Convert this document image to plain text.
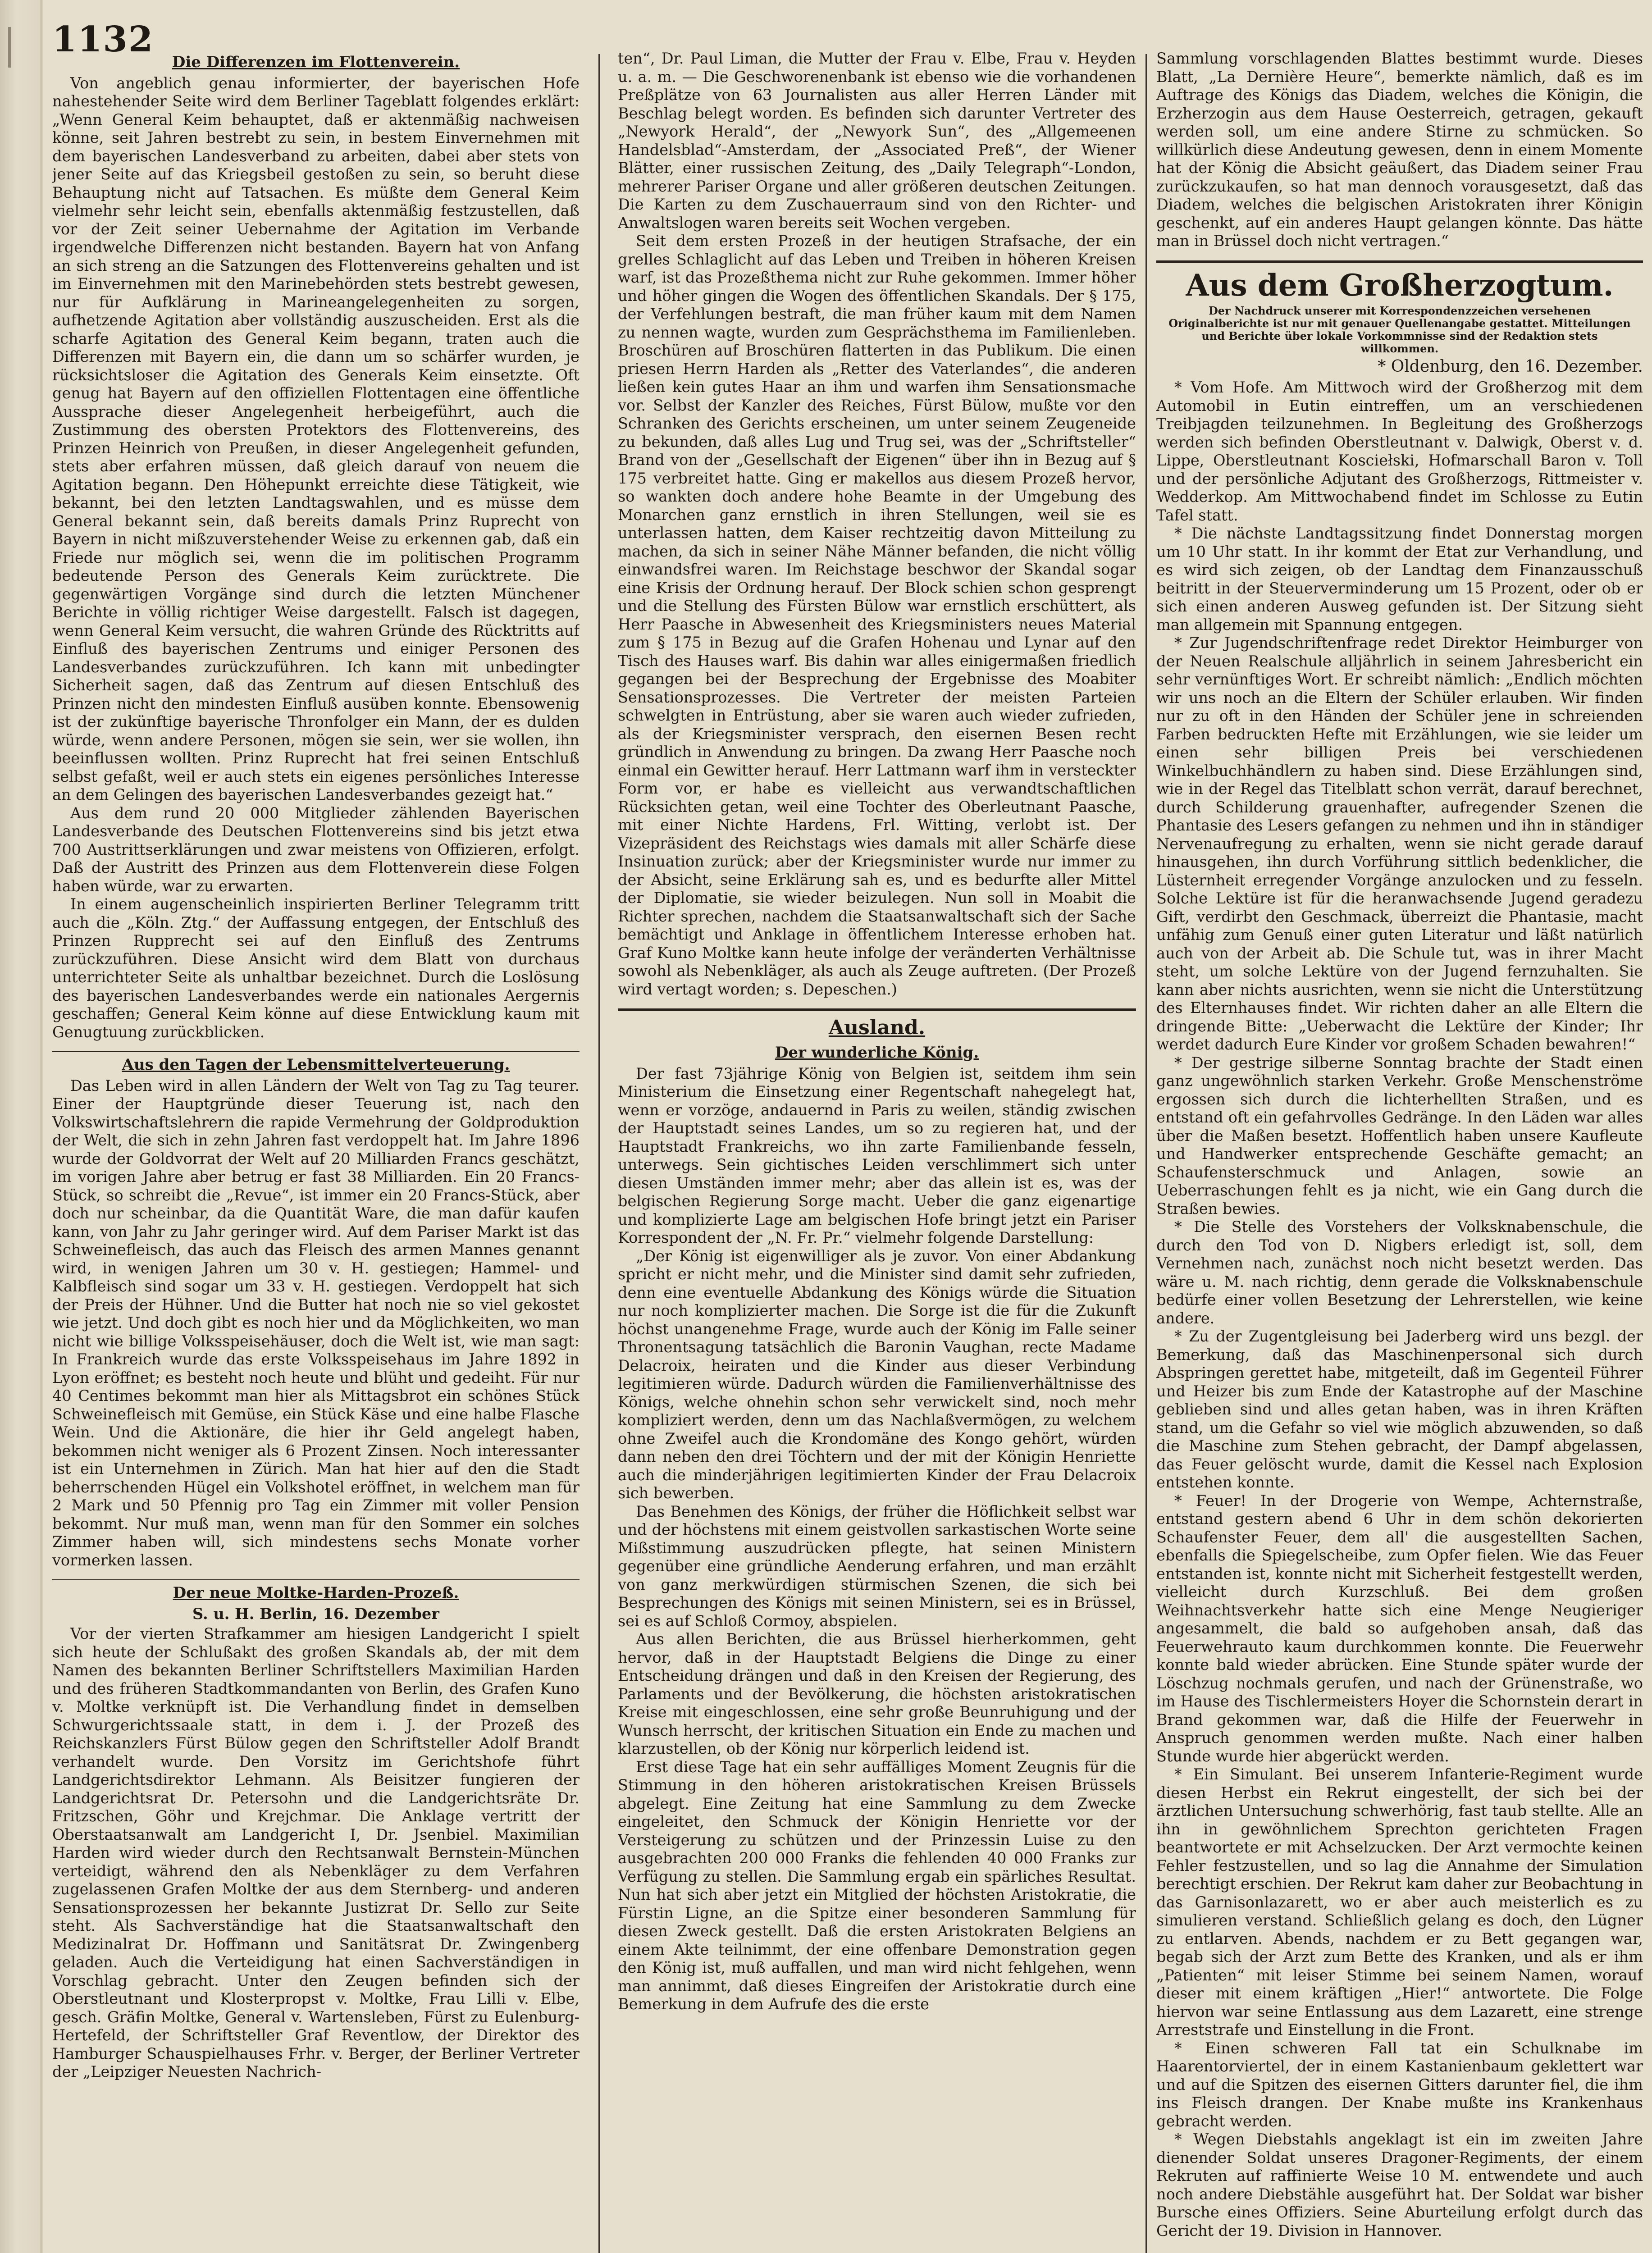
1132
Die Differenzen im Flottenverein.

Von angeblich genau informierter, der bayerischen Hofe nahestehender Seite wird dem Berliner Tageblatt folgendes erklärt: „Wenn General Keim behauptet, daß er aktenmäßig nachweisen könne, seit Jahren bestrebt zu sein, in bestem Einvernehmen mit dem bayerischen Landesverband zu arbeiten, dabei aber stets von jener Seite auf das Kriegsbeil gestoßen zu sein, so beruht diese Behauptung nicht auf Tatsachen. Es müßte dem General Keim vielmehr sehr leicht sein, ebenfalls aktenmäßig festzustellen, daß vor der Zeit seiner Uebernahme der Agitation im Verbande irgendwelche Differenzen nicht bestanden. Bayern hat von Anfang an sich streng an die Satzungen des Flottenvereins gehalten und ist im Einvernehmen mit den Marinebehörden stets bestrebt gewesen, nur für Aufklärung in Marineangelegenheiten zu sorgen, aufhetzende Agitation aber vollständig auszuscheiden. Erst als die scharfe Agitation des General Keim begann, traten auch die Differenzen mit Bayern ein, die dann um so schärfer wurden, je rücksichtsloser die Agitation des Generals Keim einsetzte. Oft genug hat Bayern auf den offiziellen Flottentagen eine öffentliche Aussprache dieser Angelegenheit herbeigeführt, auch die Zustimmung des obersten Protektors des Flottenvereins, des Prinzen Heinrich von Preußen, in dieser Angelegenheit gefunden, stets aber erfahren müssen, daß gleich darauf von neuem die Agitation begann. Den Höhepunkt erreichte diese Tätigkeit, wie bekannt, bei den letzten Landtagswahlen, und es müsse dem General bekannt sein, daß bereits damals Prinz Ruprecht von Bayern in nicht mißzuverstehender Weise zu erkennen gab, daß ein Friede nur möglich sei, wenn die im politischen Programm bedeutende Person des Generals Keim zurücktrete. Die gegenwärtigen Vorgänge sind durch die letzten Münchener Berichte in völlig richtiger Weise dargestellt. Falsch ist dagegen, wenn General Keim versucht, die wahren Gründe des Rücktritts auf Einfluß des bayerischen Zentrums und einiger Personen des Landesverbandes zurückzuführen. Ich kann mit unbedingter Sicherheit sagen, daß das Zentrum auf diesen Entschluß des Prinzen nicht den mindesten Einfluß ausüben konnte. Ebensowenig ist der zukünftige bayerische Thronfolger ein Mann, der es dulden würde, wenn andere Personen, mögen sie sein, wer sie wollen, ihn beeinflussen wollten. Prinz Ruprecht hat frei seinen Entschluß selbst gefaßt, weil er auch stets ein eigenes persönliches Interesse an dem Gelingen des bayerischen Landesverbandes gezeigt hat.“

Aus dem rund 20 000 Mitglieder zählenden Bayerischen Landesverbande des Deutschen Flottenvereins sind bis jetzt etwa 700 Austrittserklärungen und zwar meistens von Offizieren, erfolgt. Daß der Austritt des Prinzen aus dem Flottenverein diese Folgen haben würde, war zu erwarten.

In einem augenscheinlich inspirierten Berliner Telegramm tritt auch die „Köln. Ztg.“ der Auffassung entgegen, der Entschluß des Prinzen Rupprecht sei auf den Einfluß des Zentrums zurückzuführen. Diese Ansicht wird dem Blatt von durchaus unterrichteter Seite als unhaltbar bezeichnet. Durch die Loslösung des bayerischen Landesverbandes werde ein nationales Aergernis geschaffen; General Keim könne auf diese Entwicklung kaum mit Genugtuung zurückblicken.

Aus den Tagen der Lebensmittelverteuerung.

Das Leben wird in allen Ländern der Welt von Tag zu Tag teurer. Einer der Hauptgründe dieser Teuerung ist, nach den Volkswirtschaftslehrern die rapide Vermehrung der Goldproduktion der Welt, die sich in zehn Jahren fast verdoppelt hat. Im Jahre 1896 wurde der Goldvorrat der Welt auf 20 Milliarden Francs geschätzt, im vorigen Jahre aber betrug er fast 38 Milliarden. Ein 20 Francs-Stück, so schreibt die „Revue“, ist immer ein 20 Francs-Stück, aber doch nur scheinbar, da die Quantität Ware, die man dafür kaufen kann, von Jahr zu Jahr geringer wird. Auf dem Pariser Markt ist das Schweinefleisch, das auch das Fleisch des armen Mannes genannt wird, in wenigen Jahren um 30 v. H. gestiegen; Hammel- und Kalbfleisch sind sogar um 33 v. H. gestiegen. Verdoppelt hat sich der Preis der Hühner. Und die Butter hat noch nie so viel gekostet wie jetzt. Und doch gibt es noch hier und da Möglichkeiten, wo man nicht wie billige Volksspeisehäuser, doch die Welt ist, wie man sagt: In Frankreich wurde das erste Volksspeisehaus im Jahre 1892 in Lyon eröffnet; es besteht noch heute und blüht und gedeiht. Für nur 40 Centimes bekommt man hier als Mittagsbrot ein schönes Stück Schweinefleisch mit Gemüse, ein Stück Käse und eine halbe Flasche Wein. Und die Aktionäre, die hier ihr Geld angelegt haben, bekommen nicht weniger als 6 Prozent Zinsen. Noch interessanter ist ein Unternehmen in Zürich. Man hat hier auf den die Stadt beherrschenden Hügel ein Volkshotel eröffnet, in welchem man für 2 Mark und 50 Pfennig pro Tag ein Zimmer mit voller Pension bekommt. Nur muß man, wenn man für den Sommer ein solches Zimmer haben will, sich mindestens sechs Monate vorher vormerken lassen.

Der neue Moltke-Harden-Prozeß.
S. u. H. Berlin, 16. Dezember

Vor der vierten Strafkammer am hiesigen Landgericht I spielt sich heute der Schlußakt des großen Skandals ab, der mit dem Namen des bekannten Berliner Schriftstellers Maximilian Harden und des früheren Stadtkommandanten von Berlin, des Grafen Kuno v. Moltke verknüpft ist. Die Verhandlung findet in demselben Schwurgerichtssaale statt, in dem i. J. der Prozeß des Reichskanzlers Fürst Bülow gegen den Schriftsteller Adolf Brandt verhandelt wurde. Den Vorsitz im Gerichtshofe führt Landgerichtsdirektor Lehmann. Als Beisitzer fungieren der Landgerichtsrat Dr. Petersohn und die Landgerichtsräte Dr. Fritzschen, Göhr und Krejchmar. Die Anklage vertritt der Oberstaatsanwalt am Landgericht I, Dr. Jsenbiel. Maximilian Harden wird wieder durch den Rechtsanwalt Bernstein-München verteidigt, während den als Nebenkläger zu dem Verfahren zugelassenen Grafen Moltke der aus dem Sternberg- und anderen Sensationsprozessen her bekannte Justizrat Dr. Sello zur Seite steht. Als Sachverständige hat die Staatsanwaltschaft den Medizinalrat Dr. Hoffmann und Sanitätsrat Dr. Zwingenberg geladen. Auch die Verteidigung hat einen Sachverständigen in Vorschlag gebracht. Unter den Zeugen befinden sich der Oberstleutnant und Klosterpropst v. Moltke, Frau Lilli v. Elbe, gesch. Gräfin Moltke, General v. Wartensleben, Fürst zu Eulenburg-Hertefeld, der Schriftsteller Graf Reventlow, der Direktor des Hamburger Schauspielhauses Frhr. v. Berger, der Berliner Vertreter der „Leipziger Neuesten Nachrich-

ten“, Dr. Paul Liman, die Mutter der Frau v. Elbe, Frau v. Heyden u. a. m. — Die Geschworenenbank ist ebenso wie die vorhandenen Preßplätze von 63 Journalisten aus aller Herren Länder mit Beschlag belegt worden. Es befinden sich darunter Vertreter des „Newyork Herald“, der „Newyork Sun“, des „Allgemeenen Handelsblad“-Amsterdam, der „Associated Preß“, der Wiener Blätter, einer russischen Zeitung, des „Daily Telegraph“-London, mehrerer Pariser Organe und aller größeren deutschen Zeitungen. Die Karten zu dem Zuschauerraum sind von den Richter- und Anwaltslogen waren bereits seit Wochen vergeben.

Seit dem ersten Prozeß in der heutigen Strafsache, der ein grelles Schlaglicht auf das Leben und Treiben in höheren Kreisen warf, ist das Prozeßthema nicht zur Ruhe gekommen. Immer höher und höher gingen die Wogen des öffentlichen Skandals. Der § 175, der Verfehlungen bestraft, die man früher kaum mit dem Namen zu nennen wagte, wurden zum Gesprächsthema im Familienleben. Broschüren auf Broschüren flatterten in das Publikum. Die einen priesen Herrn Harden als „Retter des Vaterlandes“, die anderen ließen kein gutes Haar an ihm und warfen ihm Sensationsmache vor. Selbst der Kanzler des Reiches, Fürst Bülow, mußte vor den Schranken des Gerichts erscheinen, um unter seinem Zeugeneide zu bekunden, daß alles Lug und Trug sei, was der „Schriftsteller“ Brand von der „Gesellschaft der Eigenen“ über ihn in Bezug auf § 175 verbreitet hatte. Ging er makellos aus diesem Prozeß hervor, so wankten doch andere hohe Beamte in der Umgebung des Monarchen ganz ernstlich in ihren Stellungen, weil sie es unterlassen hatten, dem Kaiser rechtzeitig davon Mitteilung zu machen, da sich in seiner Nähe Männer befanden, die nicht völlig einwandsfrei waren. Im Reichstage beschwor der Skandal sogar eine Krisis der Ordnung herauf. Der Block schien schon gesprengt und die Stellung des Fürsten Bülow war ernstlich erschüttert, als Herr Paasche in Abwesenheit des Kriegsministers neues Material zum § 175 in Bezug auf die Grafen Hohenau und Lynar auf den Tisch des Hauses warf. Bis dahin war alles einigermaßen friedlich gegangen bei der Besprechung der Ergebnisse des Moabiter Sensationsprozesses. Die Vertreter der meisten Parteien schwelgten in Entrüstung, aber sie waren auch wieder zufrieden, als der Kriegsminister versprach, den eisernen Besen recht gründlich in Anwendung zu bringen. Da zwang Herr Paasche noch einmal ein Gewitter herauf. Herr Lattmann warf ihm in versteckter Form vor, er habe es vielleicht aus verwandtschaftlichen Rücksichten getan, weil eine Tochter des Oberleutnant Paasche, mit einer Nichte Hardens, Frl. Witting, verlobt ist. Der Vizepräsident des Reichstags wies damals mit aller Schärfe diese Insinuation zurück; aber der Kriegsminister wurde nur immer zu der Absicht, seine Erklärung sah es, und es bedurfte aller Mittel der Diplomatie, sie wieder beizulegen. Nun soll in Moabit die Richter sprechen, nachdem die Staatsanwaltschaft sich der Sache bemächtigt und Anklage in öffentlichem Interesse erhoben hat. Graf Kuno Moltke kann heute infolge der veränderten Verhältnisse sowohl als Nebenkläger, als auch als Zeuge auftreten. (Der Prozeß wird vertagt worden; s. Depeschen.)

Ausland.
Der wunderliche König.

Der fast 73jährige König von Belgien ist, seitdem ihm sein Ministerium die Einsetzung einer Regentschaft nahegelegt hat, wenn er vorzöge, andauernd in Paris zu weilen, ständig zwischen der Hauptstadt seines Landes, um so zu regieren hat, und der Hauptstadt Frankreichs, wo ihn zarte Familienbande fesseln, unterwegs. Sein gichtisches Leiden verschlimmert sich unter diesen Umständen immer mehr; aber das allein ist es, was der belgischen Regierung Sorge macht. Ueber die ganz eigenartige und komplizierte Lage am belgischen Hofe bringt jetzt ein Pariser Korrespondent der „N. Fr. Pr.“ vielmehr folgende Darstellung:

„Der König ist eigenwilliger als je zuvor. Von einer Abdankung spricht er nicht mehr, und die Minister sind damit sehr zufrieden, denn eine eventuelle Abdankung des Königs würde die Situation nur noch komplizierter machen. Die Sorge ist die für die Zukunft höchst unangenehme Frage, wurde auch der König im Falle seiner Thronentsagung tatsächlich die Baronin Vaughan, recte Madame Delacroix, heiraten und die Kinder aus dieser Verbindung legitimieren würde. Dadurch würden die Familienverhältnisse des Königs, welche ohnehin schon sehr verwickelt sind, noch mehr kompliziert werden, denn um das Nachlaßvermögen, zu welchem ohne Zweifel auch die Krondomäne des Kongo gehört, würden dann neben den drei Töchtern und der mit der Königin Henriette auch die minderjährigen legitimierten Kinder der Frau Delacroix sich bewerben.

Das Benehmen des Königs, der früher die Höflichkeit selbst war und der höchstens mit einem geistvollen sarkastischen Worte seine Mißstimmung auszudrücken pflegte, hat seinen Ministern gegenüber eine gründliche Aenderung erfahren, und man erzählt von ganz merkwürdigen stürmischen Szenen, die sich bei Besprechungen des Königs mit seinen Ministern, sei es in Brüssel, sei es auf Schloß Cormoy, abspielen.

Aus allen Berichten, die aus Brüssel hierherkommen, geht hervor, daß in der Hauptstadt Belgiens die Dinge zu einer Entscheidung drängen und daß in den Kreisen der Regierung, des Parlaments und der Bevölkerung, die höchsten aristokratischen Kreise mit eingeschlossen, eine sehr große Beunruhigung und der Wunsch herrscht, der kritischen Situation ein Ende zu machen und klarzustellen, ob der König nur körperlich leidend ist.

Erst diese Tage hat ein sehr auffälliges Moment Zeugnis für die Stimmung in den höheren aristokratischen Kreisen Brüssels abgelegt. Eine Zeitung hat eine Sammlung zu dem Zwecke eingeleitet, den Schmuck der Königin Henriette vor der Versteigerung zu schützen und der Prinzessin Luise zu den ausgebrachten 200 000 Franks die fehlenden 40 000 Franks zur Verfügung zu stellen. Die Sammlung ergab ein spärliches Resultat. Nun hat sich aber jetzt ein Mitglied der höchsten Aristokratie, die Fürstin Ligne, an die Spitze einer besonderen Sammlung für diesen Zweck gestellt. Daß die ersten Aristokraten Belgiens an einem Akte teilnimmt, der eine offenbare Demonstration gegen den König ist, muß auffallen, und man wird nicht fehlgehen, wenn man annimmt, daß dieses Eingreifen der Aristokratie durch eine Bemerkung in dem Aufrufe des die erste

Sammlung vorschlagenden Blattes bestimmt wurde. Dieses Blatt, „La Dernière Heure“, bemerkte nämlich, daß es im Auftrage des Königs das Diadem, welches die Königin, die Erzherzogin aus dem Hause Oesterreich, getragen, gekauft werden soll, um eine andere Stirne zu schmücken. So willkürlich diese Andeutung gewesen, denn in einem Momente hat der König die Absicht geäußert, das Diadem seiner Frau zurückzukaufen, so hat man dennoch vorausgesetzt, daß das Diadem, welches die belgischen Aristokraten ihrer Königin geschenkt, auf ein anderes Haupt gelangen könnte. Das hätte man in Brüssel doch nicht vertragen.“

Aus dem Großherzogtum.
Der Nachdruck unserer mit Korrespondenzzeichen versehenen Originalberichte ist nur mit genauer Quellenangabe gestattet. Mitteilungen und Berichte über lokale Vorkommnisse sind der Redaktion stets willkommen.
* Oldenburg, den 16. Dezember.

* Vom Hofe. Am Mittwoch wird der Großherzog mit dem Automobil in Eutin eintreffen, um an verschiedenen Treibjagden teilzunehmen. In Begleitung des Großherzogs werden sich befinden Oberstleutnant v. Dalwigk, Oberst v. d. Lippe, Oberstleutnant Kosciełski, Hofmarschall Baron v. Toll und der persönliche Adjutant des Großherzogs, Rittmeister v. Wedderkop. Am Mittwochabend findet im Schlosse zu Eutin Tafel statt.

* Die nächste Landtagssitzung findet Donnerstag morgen um 10 Uhr statt. In ihr kommt der Etat zur Verhandlung, und es wird sich zeigen, ob der Landtag dem Finanzausschuß beitritt in der Steuerverminderung um 15 Prozent, oder ob er sich einen anderen Ausweg gefunden ist. Der Sitzung sieht man allgemein mit Spannung entgegen.

* Zur Jugendschriftenfrage redet Direktor Heimburger von der Neuen Realschule alljährlich in seinem Jahresbericht ein sehr vernünftiges Wort. Er schreibt nämlich: „Endlich möchten wir uns noch an die Eltern der Schüler erlauben. Wir finden nur zu oft in den Händen der Schüler jene in schreienden Farben bedruckten Hefte mit Erzählungen, wie sie leider um einen sehr billigen Preis bei verschiedenen Winkelbuchhändlern zu haben sind. Diese Erzählungen sind, wie in der Regel das Titelblatt schon verrät, darauf berechnet, durch Schilderung grauenhafter, aufregender Szenen die Phantasie des Lesers gefangen zu nehmen und ihn in ständiger Nervenaufregung zu erhalten, wenn sie nicht gerade darauf hinausgehen, ihn durch Vorführung sittlich bedenklicher, die Lüsternheit erregender Vorgänge anzulocken und zu fesseln. Solche Lektüre ist für die heranwachsende Jugend geradezu Gift, verdirbt den Geschmack, überreizt die Phantasie, macht unfähig zum Genuß einer guten Literatur und läßt natürlich auch von der Arbeit ab. Die Schule tut, was in ihrer Macht steht, um solche Lektüre von der Jugend fernzuhalten. Sie kann aber nichts ausrichten, wenn sie nicht die Unterstützung des Elternhauses findet. Wir richten daher an alle Eltern die dringende Bitte: „Ueberwacht die Lektüre der Kinder; Ihr werdet dadurch Eure Kinder vor großem Schaden bewahren!“

* Der gestrige silberne Sonntag brachte der Stadt einen ganz ungewöhnlich starken Verkehr. Große Menschenströme ergossen sich durch die lichterhellten Straßen, und es entstand oft ein gefahrvolles Gedränge. In den Läden war alles über die Maßen besetzt. Hoffentlich haben unsere Kaufleute und Handwerker entsprechende Geschäfte gemacht; an Schaufensterschmuck und Anlagen, sowie an Ueberraschungen fehlt es ja nicht, wie ein Gang durch die Straßen bewies.

* Die Stelle des Vorstehers der Volksknabenschule, die durch den Tod von D. Nigbers erledigt ist, soll, dem Vernehmen nach, zunächst noch nicht besetzt werden. Das wäre u. M. nach richtig, denn gerade die Volksknabenschule bedürfe einer vollen Besetzung der Lehrerstellen, wie keine andere.

* Zu der Zugentgleisung bei Jaderberg wird uns bezgl. der Bemerkung, daß das Maschinenpersonal sich durch Abspringen gerettet habe, mitgeteilt, daß im Gegenteil Führer und Heizer bis zum Ende der Katastrophe auf der Maschine geblieben sind und alles getan haben, was in ihren Kräften stand, um die Gefahr so viel wie möglich abzuwenden, so daß die Maschine zum Stehen gebracht, der Dampf abgelassen, das Feuer gelöscht wurde, damit die Kessel nach Explosion entstehen konnte.

* Feuer! In der Drogerie von Wempe, Achternstraße, entstand gestern abend 6 Uhr in dem schön dekorierten Schaufenster Feuer, dem all' die ausgestellten Sachen, ebenfalls die Spiegelscheibe, zum Opfer fielen. Wie das Feuer entstanden ist, konnte nicht mit Sicherheit festgestellt werden, vielleicht durch Kurzschluß. Bei dem großen Weihnachtsverkehr hatte sich eine Menge Neugieriger angesammelt, die bald so aufgehoben ansah, daß das Feuerwehrauto kaum durchkommen konnte. Die Feuerwehr konnte bald wieder abrücken. Eine Stunde später wurde der Löschzug nochmals gerufen, und nach der Grünenstraße, wo im Hause des Tischlermeisters Hoyer die Schornstein derart in Brand gekommen war, daß die Hilfe der Feuerwehr in Anspruch genommen werden mußte. Nach einer halben Stunde wurde hier abgerückt werden.

* Ein Simulant. Bei unserem Infanterie-Regiment wurde diesen Herbst ein Rekrut eingestellt, der sich bei der ärztlichen Untersuchung schwerhörig, fast taub stellte. Alle an ihn in gewöhnlichem Sprechton gerichteten Fragen beantwortete er mit Achselzucken. Der Arzt vermochte keinen Fehler festzustellen, und so lag die Annahme der Simulation berechtigt erschien. Der Rekrut kam daher zur Beobachtung in das Garnisonlazarett, wo er aber auch meisterlich es zu simulieren verstand. Schließlich gelang es doch, den Lügner zu entlarven. Abends, nachdem er zu Bett gegangen war, begab sich der Arzt zum Bette des Kranken, und als er ihm „Patienten“ mit leiser Stimme bei seinem Namen, worauf dieser mit einem kräftigen „Hier!“ antwortete. Die Folge hiervon war seine Entlassung aus dem Lazarett, eine strenge Arreststrafe und Einstellung in die Front.

* Einen schweren Fall tat ein Schulknabe im Haarentorviertel, der in einem Kastanienbaum geklettert war und auf die Spitzen des eisernen Gitters darunter fiel, die ihm ins Fleisch drangen. Der Knabe mußte ins Krankenhaus gebracht werden.

* Wegen Diebstahls angeklagt ist ein im zweiten Jahre dienender Soldat unseres Dragoner-Regiments, der einem Rekruten auf raffinierte Weise 10 M. entwendete und auch noch andere Diebstähle ausgeführt hat. Der Soldat war bisher Bursche eines Offiziers. Seine Aburteilung erfolgt durch das Gericht der 19. Division in Hannover.
